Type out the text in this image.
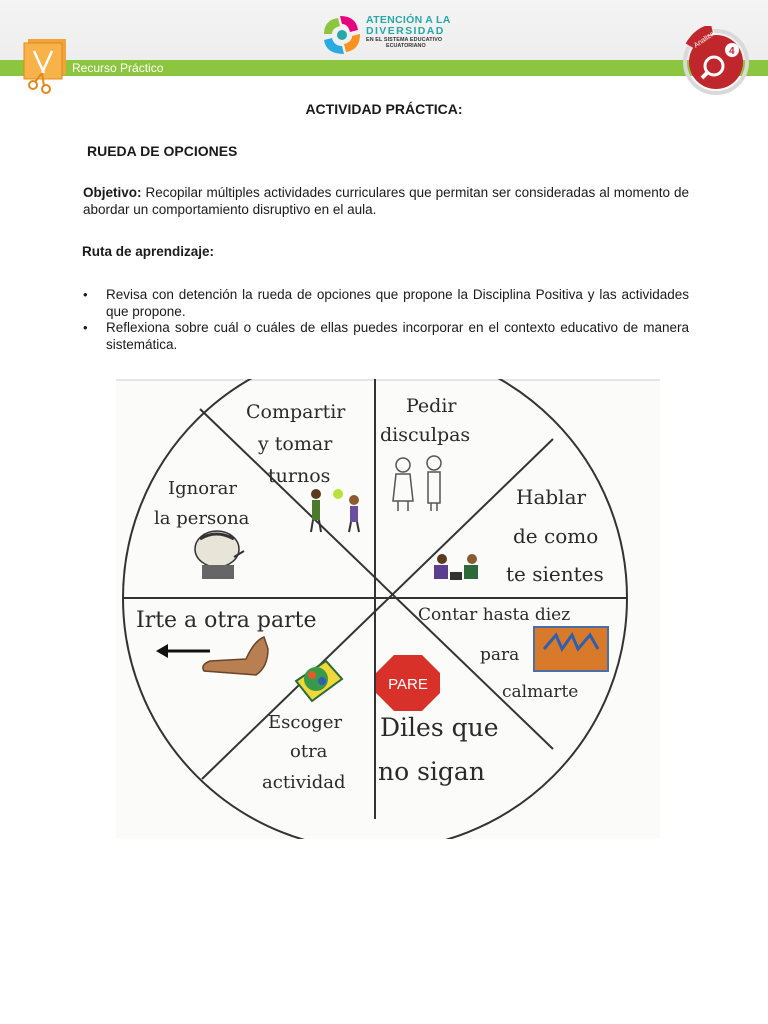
Recurso Práctico
ATENCIÓN A LA
DIVERSIDAD
EN EL SISTEMA EDUCATIVO
ECUATORIANO	Analizar
4
ACTIVIDAD PRÁCTICA:
RUEDA DE OPCIONES
Objetivo: Recopilar múltiples actividades curriculares que permitan ser consideradas al momento de abordar un comportamiento disruptivo en el aula.
Ruta de aprendizaje:
• Revisa con detención la rueda de opciones que propone la Disciplina Positiva y las actividades que propone.
• Reflexiona sobre cuál o cuáles de ellas puedes incorporar en el contexto educativo de manera sistemática.
Compartir y tomar turnos
Pedir disculpas
Ignorar la persona
Hablar de como te sientes
Irte a otra parte	Contar hasta diez para calmarte
PARE
Escoger otra actividad
Diles que no sigan
